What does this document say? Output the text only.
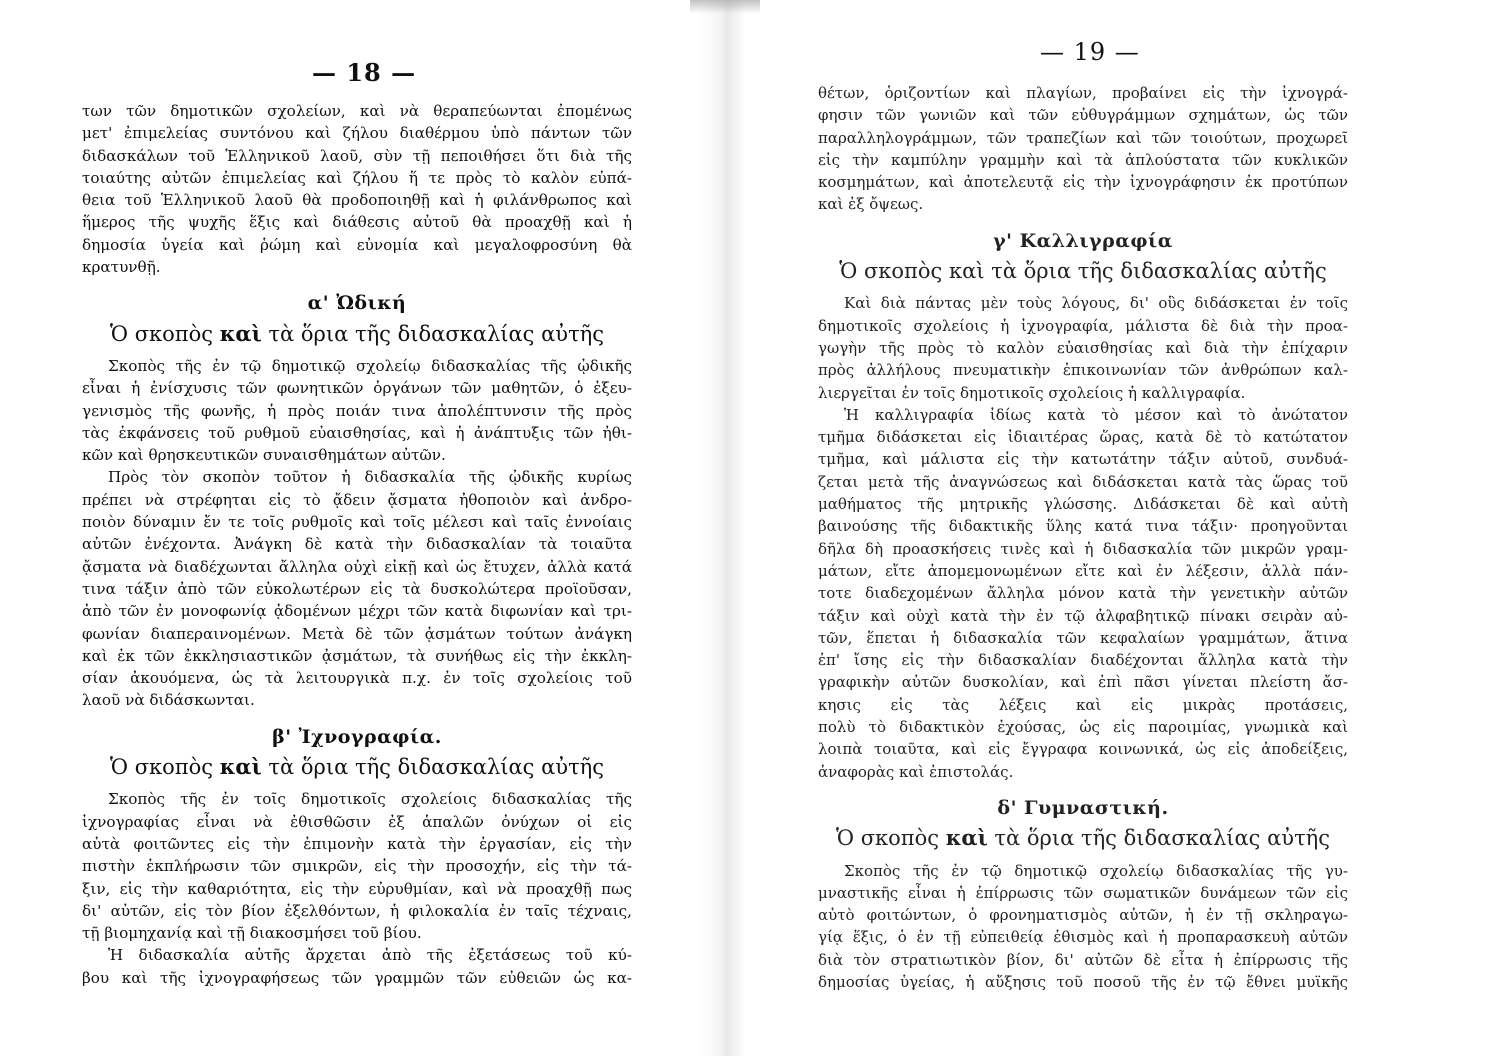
— 18 —
των τῶν δημοτικῶν σχολείων, καὶ νὰ θεραπεύωνται ἐπομένως
μετ' ἐπιμελείας συντόνου καὶ ζήλου διαθέρμου ὑπὸ πάντων τῶν
διδασκάλων τοῦ Ἑλληνικοῦ λαοῦ, σὺν τῇ πεποιθήσει ὅτι διὰ τῆς
τοιαύτης αὐτῶν ἐπιμελείας καὶ ζήλου ἥ τε πρὸς τὸ καλὸν εὐπά-
θεια τοῦ Ἑλληνικοῦ λαοῦ θὰ προδοποιηθῇ καὶ ἡ φιλάνθρωπος καὶ
ἥμερος τῆς ψυχῆς ἕξις καὶ διάθεσις αὐτοῦ θὰ προαχθῇ καὶ ἡ
δημοσία ὑγεία καὶ ῥώμη καὶ εὐνομία καὶ μεγαλοφροσύνη θὰ
κρατυνθῇ.
α' Ὠδική
Ὁ σκοπὸς καὶ τὰ ὅρια τῆς διδασκαλίας αὐτῆς
Σκοπὸς τῆς ἐν τῷ δημοτικῷ σχολείῳ διδασκαλίας τῆς ᾠδικῆς
εἶναι ἡ ἐνίσχυσις τῶν φωνητικῶν ὀργάνων τῶν μαθητῶν, ὁ ἐξευ-
γενισμὸς τῆς φωνῆς, ἡ πρὸς ποιάν τινα ἀπολέπτυνσιν τῆς πρὸς
τὰς ἐκφάνσεις τοῦ ρυθμοῦ εὐαισθησίας, καὶ ἡ ἀνάπτυξις τῶν ἠθι-
κῶν καὶ θρησκευτικῶν συναισθημάτων αὐτῶν.
Πρὸς τὸν σκοπὸν τοῦτον ἡ διδασκαλία τῆς ᾠδικῆς κυρίως
πρέπει νὰ στρέφηται εἰς τὸ ᾄδειν ᾄσματα ἠθοποιὸν καὶ ἀνδρο-
ποιὸν δύναμιν ἔν τε τοῖς ρυθμοῖς καὶ τοῖς μέλεσι καὶ ταῖς ἐννοίαις
αὐτῶν ἐνέχοντα. Ἀνάγκη δὲ κατὰ τὴν διδασκαλίαν τὰ τοιαῦτα
ᾄσματα νὰ διαδέχωνται ἄλληλα οὐχὶ εἰκῇ καὶ ὡς ἔτυχεν, ἀλλὰ κατά
τινα τάξιν ἀπὸ τῶν εὐκολωτέρων εἰς τὰ δυσκολώτερα προϊοῦσαν,
ἀπὸ τῶν ἐν μονοφωνίᾳ ᾀδομένων μέχρι τῶν κατὰ διφωνίαν καὶ τρι-
φωνίαν διαπεραινομένων. Μετὰ δὲ τῶν ᾀσμάτων τούτων ἀνάγκη
καὶ ἐκ τῶν ἐκκλησιαστικῶν ᾀσμάτων, τὰ συνήθως εἰς τὴν ἐκκλη-
σίαν ἀκουόμενα, ὡς τὰ λειτουργικὰ π.χ. ἐν τοῖς σχολείοις τοῦ
λαοῦ νὰ διδάσκωνται.
β' Ἰχνογραφία.
Ὁ σκοπὸς καὶ τὰ ὅρια τῆς διδασκαλίας αὐτῆς
Σκοπὸς τῆς ἐν τοῖς δημοτικοῖς σχολείοις διδασκαλίας τῆς
ἰχνογραφίας εἶναι νὰ ἐθισθῶσιν ἐξ ἁπαλῶν ὀνύχων οἱ εἰς
αὐτὰ φοιτῶντες εἰς τὴν ἐπιμονὴν κατὰ τὴν ἐργασίαν, εἰς τὴν
πιστὴν ἐκπλήρωσιν τῶν σμικρῶν, εἰς τὴν προσοχήν, εἰς τὴν τά-
ξιν, εἰς τὴν καθαριότητα, εἰς τὴν εὐρυθμίαν, καὶ νὰ προαχθῇ πως
δι' αὐτῶν, εἰς τὸν βίον ἐξελθόντων, ἡ φιλοκαλία ἐν ταῖς τέχναις,
τῇ βιομηχανίᾳ καὶ τῇ διακοσμήσει τοῦ βίου.
Ἡ διδασκαλία αὐτῆς ἄρχεται ἀπὸ τῆς ἐξετάσεως τοῦ κύ-
βου καὶ τῆς ἰχνογραφήσεως τῶν γραμμῶν τῶν εὐθειῶν ὡς κα-
— 19 —
θέτων, ὁριζοντίων καὶ πλαγίων, προβαίνει εἰς τὴν ἰχνογρά-
φησιν τῶν γωνιῶν καὶ τῶν εὐθυγράμμων σχημάτων, ὡς τῶν
παραλληλογράμμων, τῶν τραπεζίων καὶ τῶν τοιούτων, προχωρεῖ
εἰς τὴν καμπύλην γραμμὴν καὶ τὰ ἁπλούστατα τῶν κυκλικῶν
κοσμημάτων, καὶ ἀποτελευτᾷ εἰς τὴν ἰχνογράφησιν ἐκ προτύπων
καὶ ἐξ ὄψεως.
γ' Καλλιγραφία
Ὁ σκοπὸς καὶ τὰ ὅρια τῆς διδασκαλίας αὐτῆς
Καὶ διὰ πάντας μὲν τοὺς λόγους, δι' οὓς διδάσκεται ἐν τοῖς
δημοτικοῖς σχολείοις ἡ ἰχνογραφία, μάλιστα δὲ διὰ τὴν προα-
γωγὴν τῆς πρὸς τὸ καλὸν εὐαισθησίας καὶ διὰ τὴν ἐπίχαριν
πρὸς ἀλλήλους πνευματικὴν ἐπικοινωνίαν τῶν ἀνθρώπων καλ-
λιεργεῖται ἐν τοῖς δημοτικοῖς σχολείοις ἡ καλλιγραφία.
Ἡ καλλιγραφία ἰδίως κατὰ τὸ μέσον καὶ τὸ ἀνώτατον
τμῆμα διδάσκεται εἰς ἰδιαιτέρας ὥρας, κατὰ δὲ τὸ κατώτατον
τμῆμα, καὶ μάλιστα εἰς τὴν κατωτάτην τάξιν αὐτοῦ, συνδυά-
ζεται μετὰ τῆς ἀναγνώσεως καὶ διδάσκεται κατὰ τὰς ὥρας τοῦ
μαθήματος τῆς μητρικῆς γλώσσης. Διδάσκεται δὲ καὶ αὐτὴ
βαινούσης τῆς διδακτικῆς ὕλης κατά τινα τάξιν· προηγοῦνται
δῆλα δὴ προασκήσεις τινὲς καὶ ἡ διδασκαλία τῶν μικρῶν γραμ-
μάτων, εἴτε ἀπομεμονωμένων εἴτε καὶ ἐν λέξεσιν, ἀλλὰ πάν-
τοτε διαδεχομένων ἄλληλα μόνον κατὰ τὴν γενετικὴν αὐτῶν
τάξιν καὶ οὐχὶ κατὰ τὴν ἐν τῷ ἀλφαβητικῷ πίνακι σειρὰν αὐ-
τῶν, ἕπεται ἡ διδασκαλία τῶν κεφαλαίων γραμμάτων, ἅτινα
ἐπ' ἴσης εἰς τὴν διδασκαλίαν διαδέχονται ἄλληλα κατὰ τὴν
γραφικὴν αὐτῶν δυσκολίαν, καὶ ἐπὶ πᾶσι γίνεται πλείστη ἄσ-
κησις εἰς τὰς λέξεις καὶ εἰς μικρὰς προτάσεις,
πολὺ τὸ διδακτικὸν ἐχούσας, ὡς εἰς παροιμίας, γνωμικὰ καὶ
λοιπὰ τοιαῦτα, καὶ εἰς ἔγγραφα κοινωνικά, ὡς εἰς ἀποδείξεις,
ἀναφορὰς καὶ ἐπιστολάς.
δ' Γυμναστική.
Ὁ σκοπὸς καὶ τὰ ὅρια τῆς διδασκαλίας αὐτῆς
Σκοπὸς τῆς ἐν τῷ δημοτικῷ σχολείῳ διδασκαλίας τῆς γυ-
μναστικῆς εἶναι ἡ ἐπίρρωσις τῶν σωματικῶν δυνάμεων τῶν εἰς
αὐτὸ φοιτώντων, ὁ φρονηματισμὸς αὐτῶν, ἡ ἐν τῇ σκληραγω-
γίᾳ ἕξις, ὁ ἐν τῇ εὐπειθείᾳ ἐθισμὸς καὶ ἡ προπαρασκευὴ αὐτῶν
διὰ τὸν στρατιωτικὸν βίον, δι' αὐτῶν δὲ εἶτα ἡ ἐπίρρωσις τῆς
δημοσίας ὑγείας, ἡ αὔξησις τοῦ ποσοῦ τῆς ἐν τῷ ἔθνει μυϊκῆς
